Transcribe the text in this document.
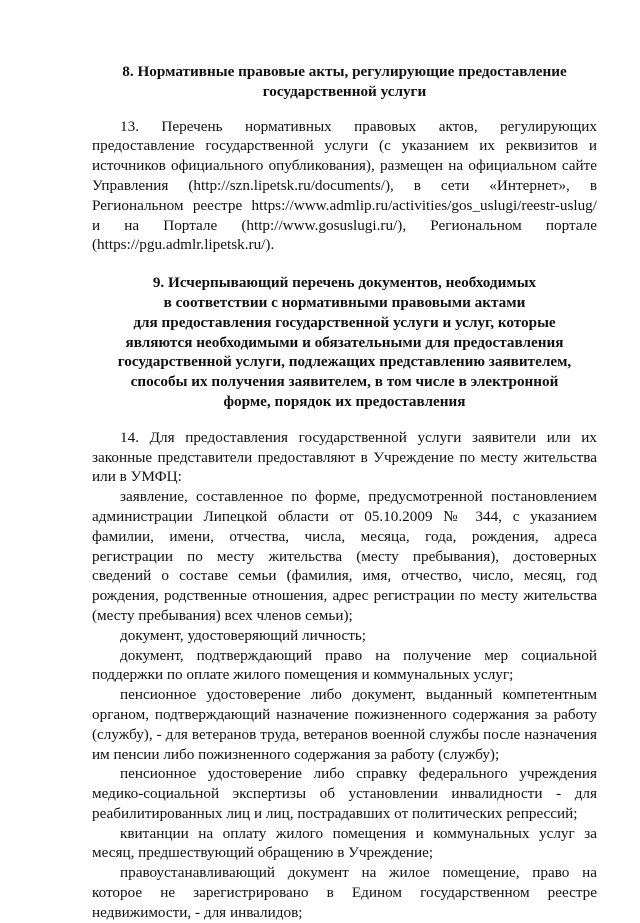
8. Нормативные правовые акты, регулирующие предоставление
государственной услуги

13. Перечень нормативных правовых актов, регулирующих предоставление государственной услуги (с указанием их реквизитов и источников официального опубликования), размещен на официальном сайте Управления (http://szn.lipetsk.ru/documents/), в сети «Интернет», в Региональном реестре https://www.admlip.ru/activities/gos_uslugi/reestr-uslug/ и на Портале (http://www.gosuslugi.ru/), Региональном портале (https://pgu.admlr.lipetsk.ru/).

9. Исчерпывающий перечень документов, необходимых
в соответствии с нормативными правовыми актами
для предоставления государственной услуги и услуг, которые
являются необходимыми и обязательными для предоставления
государственной услуги, подлежащих представлению заявителем,
способы их получения заявителем, в том числе в электронной
форме, порядок их предоставления

14. Для предоставления государственной услуги заявители или их законные представители предоставляют в Учреждение по месту жительства или в УМФЦ:

заявление, составленное по форме, предусмотренной постановлением администрации Липецкой области от 05.10.2009 № 344, с указанием фамилии, имени, отчества, числа, месяца, года, рождения, адреса регистрации по месту жительства (месту пребывания), достоверных сведений о составе семьи (фамилия, имя, отчество, число, месяц, год рождения, родственные отношения, адрес регистрации по месту жительства (месту пребывания) всех членов семьи);

документ, удостоверяющий личность;

документ, подтверждающий право на получение мер социальной поддержки по оплате жилого помещения и коммунальных услуг;

пенсионное удостоверение либо документ, выданный компетентным органом, подтверждающий назначение пожизненного содержания за работу (службу), - для ветеранов труда, ветеранов военной службы после назначения им пенсии либо пожизненного содержания за работу (службу);

пенсионное удостоверение либо справку федерального учреждения медико-социальной экспертизы об установлении инвалидности - для реабилитированных лиц и лиц, пострадавших от политических репрессий;

квитанции на оплату жилого помещения и коммунальных услуг за месяц, предшествующий обращению в Учреждение;

правоустанавливающий документ на жилое помещение, право на которое не зарегистрировано в Едином государственном реестре недвижимости, - для инвалидов;
